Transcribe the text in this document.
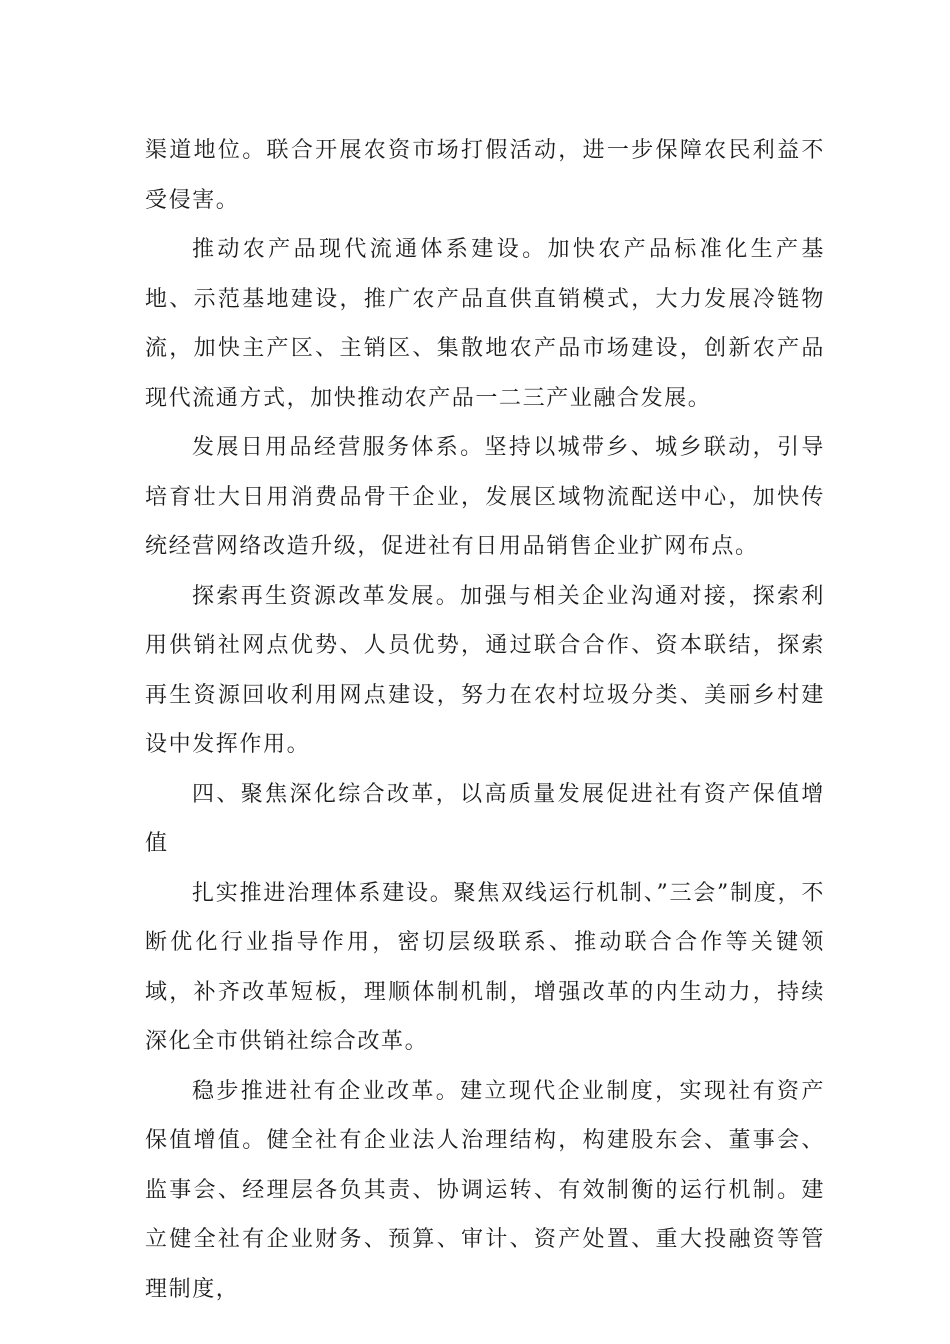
渠道地位。联合开展农资市场打假活动，进一步保障农民利益不受侵害。

推动农产品现代流通体系建设。加快农产品标准化生产基地、示范基地建设，推广农产品直供直销模式，大力发展冷链物流，加快主产区、主销区、集散地农产品市场建设，创新农产品现代流通方式，加快推动农产品一二三产业融合发展。

发展日用品经营服务体系。坚持以城带乡、城乡联动，引导培育壮大日用消费品骨干企业，发展区域物流配送中心，加快传统经营网络改造升级，促进社有日用品销售企业扩网布点。

探索再生资源改革发展。加强与相关企业沟通对接，探索利用供销社网点优势、人员优势，通过联合合作、资本联结，探索再生资源回收利用网点建设，努力在农村垃圾分类、美丽乡村建设中发挥作用。

四、聚焦深化综合改革，以高质量发展促进社有资产保值增值

扎实推进治理体系建设。聚焦双线运行机制、”三会”制度，不断优化行业指导作用，密切层级联系、推动联合合作等关键领域，补齐改革短板，理顺体制机制，增强改革的内生动力，持续深化全市供销社综合改革。

稳步推进社有企业改革。建立现代企业制度，实现社有资产保值增值。健全社有企业法人治理结构，构建股东会、董事会、监事会、经理层各负其责、协调运转、有效制衡的运行机制。建立健全社有企业财务、预算、审计、资产处置、重大投融资等管理制度，
